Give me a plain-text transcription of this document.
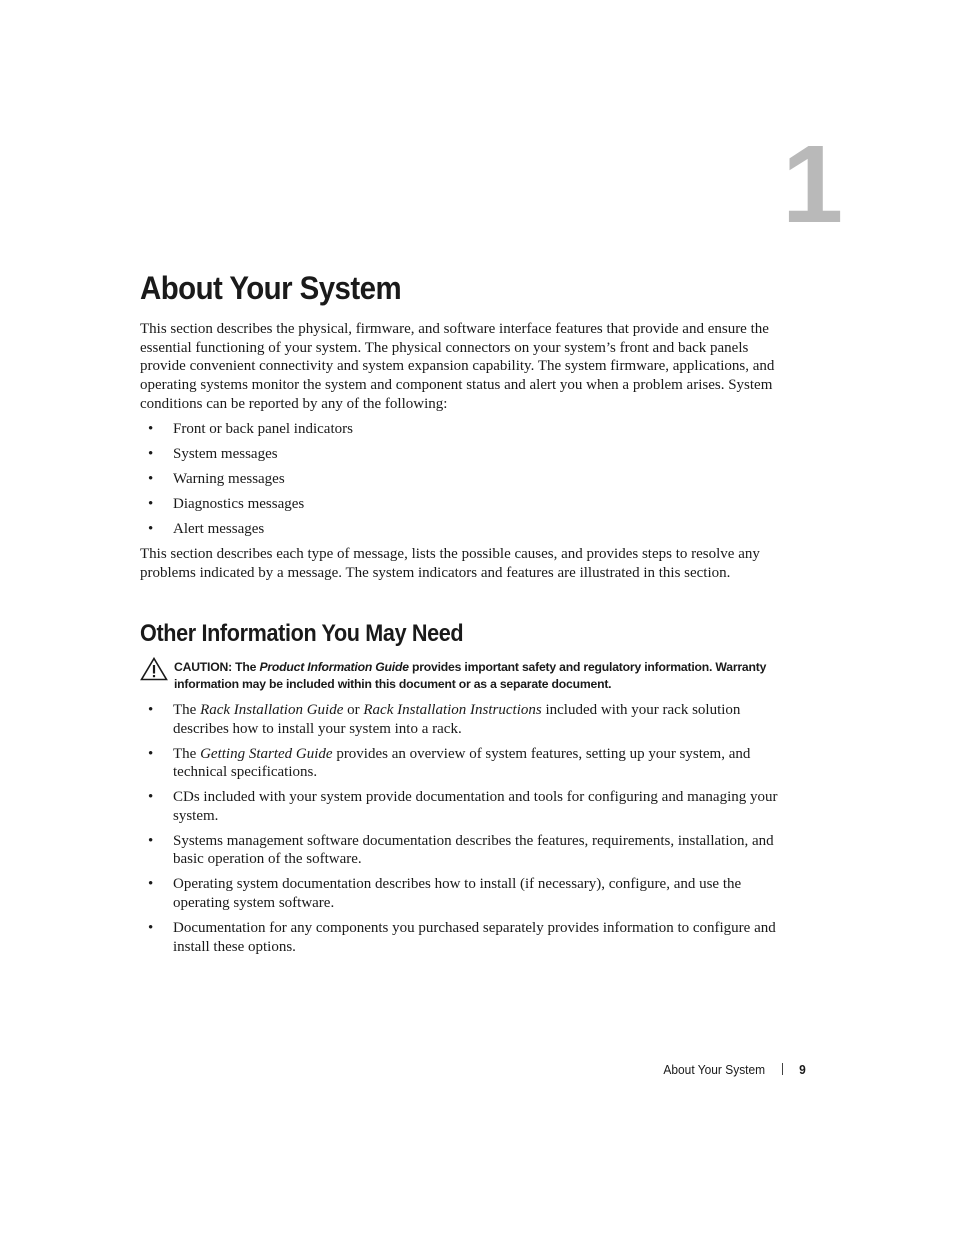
1
About Your System

This section describes the physical, firmware, and software interface features that provide and ensure the essential functioning of your system. The physical connectors on your system’s front and back panels provide convenient connectivity and system expansion capability. The system firmware, applications, and operating systems monitor the system and component status and alert you when a problem arises. System conditions can be reported by any of the following:

• Front or back panel indicators
• System messages
• Warning messages
• Diagnostics messages
• Alert messages

This section describes each type of message, lists the possible causes, and provides steps to resolve any problems indicated by a message. The system indicators and features are illustrated in this section.

Other Information You May Need
CAUTION: The Product Information Guide provides important safety and regulatory information. Warranty information may be included within this document or as a separate document.
• The Rack Installation Guide or Rack Installation Instructions included with your rack solution describes how to install your system into a rack.
• The Getting Started Guide provides an overview of system features, setting up your system, and technical specifications.
• CDs included with your system provide documentation and tools for configuring and managing your system.
• Systems management software documentation describes the features, requirements, installation, and basic operation of the software.
• Operating system documentation describes how to install (if necessary), configure, and use the operating system software.
• Documentation for any components you purchased separately provides information to configure and install these options.
About Your System	9
